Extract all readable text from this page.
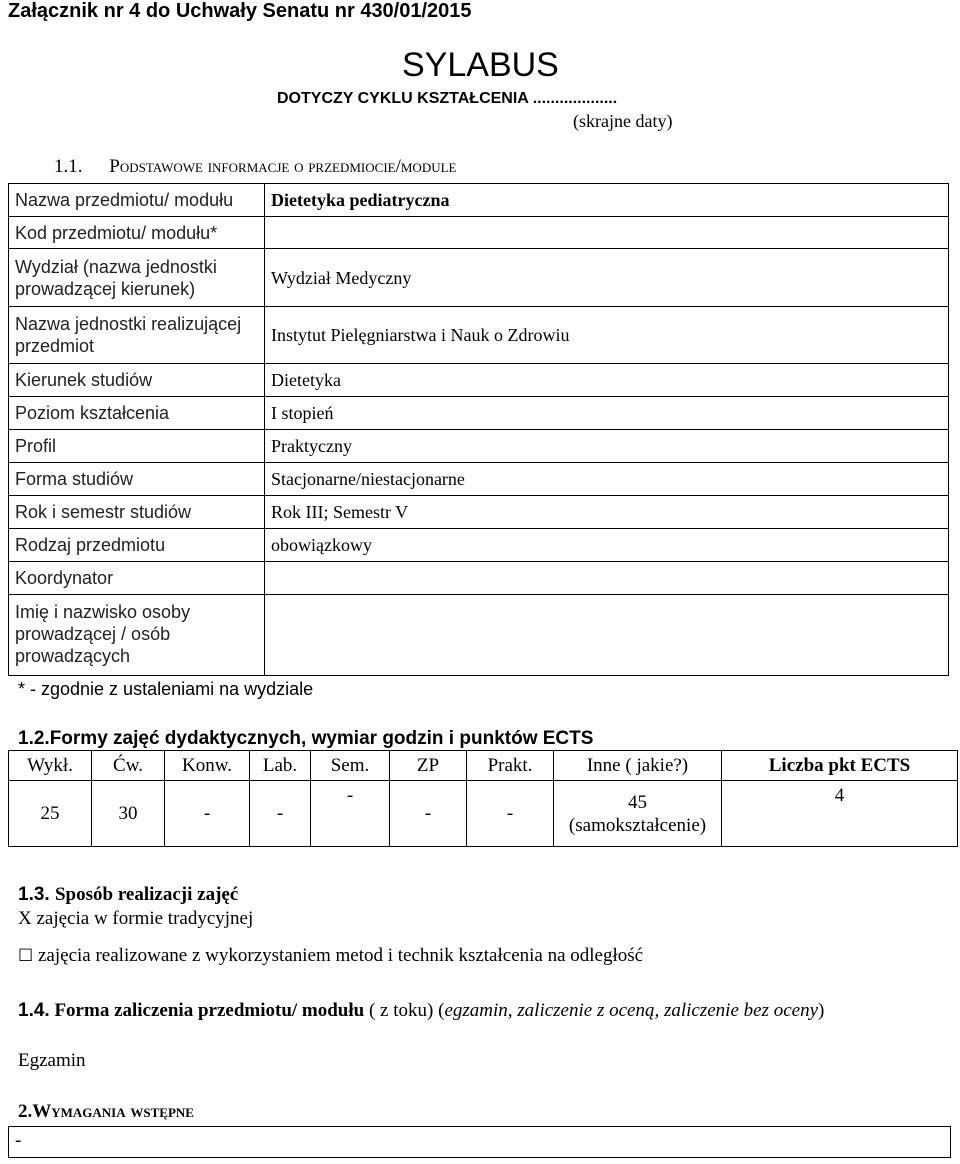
Załącznik nr 4 do Uchwały Senatu nr 430/01/2015
SYLABUS
DOTYCZY CYKLU KSZTAŁCENIA ...................
(skrajne daty)
1.1. Podstawowe informacje o przedmiocie/module
Nazwa przedmiotu/ modułu	Dietetyka pediatryczna
Kod przedmiotu/ modułu*	
Wydział (nazwa jednostki prowadzącej kierunek)	Wydział Medyczny
Nazwa jednostki realizującej przedmiot	Instytut Pielęgniarstwa i Nauk o Zdrowiu
Kierunek studiów	Dietetyka
Poziom kształcenia	I stopień
Profil	Praktyczny
Forma studiów	Stacjonarne/niestacjonarne
Rok i semestr studiów	Rok III; Semestr V
Rodzaj przedmiotu	obowiązkowy
Koordynator	
Imię i nazwisko osoby prowadzącej / osób prowadzących	
* - zgodnie z ustaleniami na wydziale
1.2.Formy zajęć dydaktycznych, wymiar godzin i punktów ECTS
Wykł.	Ćw.	Konw.	Lab.	Sem.	ZP	Prakt.	Inne ( jakie?)	Liczba pkt ECTS
25	30	-	-	-	-	-	45 (samokształcenie)	4
1.3. Sposób realizacji zajęć
X zajęcia w formie tradycyjnej
☐ zajęcia realizowane z wykorzystaniem metod i technik kształcenia na odległość
1.4. Forma zaliczenia przedmiotu/ modułu ( z toku) (egzamin, zaliczenie z oceną, zaliczenie bez oceny)
Egzamin
2.Wymagania wstępne
-
